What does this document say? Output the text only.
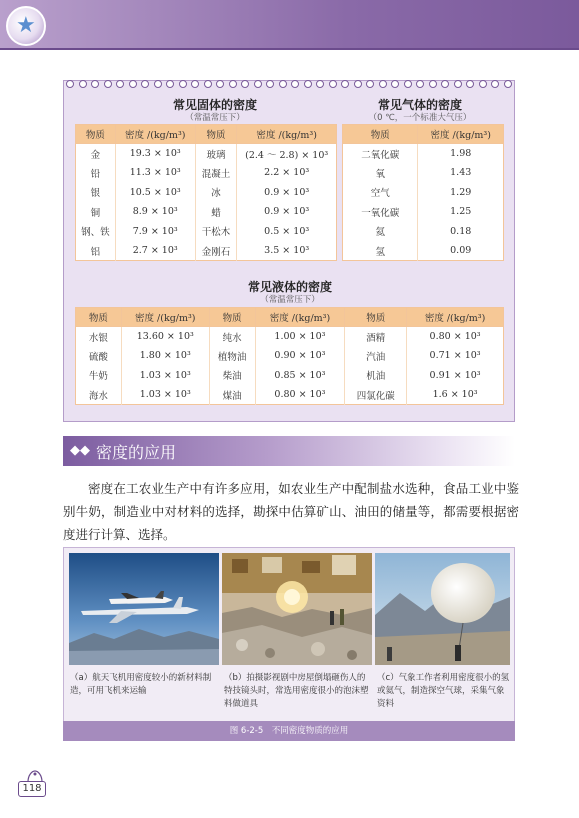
★
常见固体的密度
（常温常压下）
常见气体的密度
（0 ℃，一个标准大气压）
物质	密度 /(kg/m³)	物质	密度 /(kg/m³)
金	19.3 × 10³	玻璃	(2.4 ～ 2.8) × 10³
铅	11.3 × 10³	混凝土	2.2 × 10³
银	10.5 × 10³	冰	0.9 × 10³
铜	8.9 × 10³	蜡	0.9 × 10³
钢、铁	7.9 × 10³	干松木	0.5 × 10³
铝	2.7 × 10³	金刚石	3.5 × 10³
物质	密度 /(kg/m³)
二氧化碳	1.98
氧	1.43
空气	1.29
一氧化碳	1.25
氦	0.18
氢	0.09
常见液体的密度
（常温常压下）
物质	密度 /(kg/m³)	物质	密度 /(kg/m³)	物质	密度 /(kg/m³)
水银	13.60 × 10³	纯水	1.00 × 10³	酒精	0.80 × 10³
硫酸	1.80 × 10³	植物油	0.90 × 10³	汽油	0.71 × 10³
牛奶	1.03 × 10³	柴油	0.85 × 10³	机油	0.91 × 10³
海水	1.03 × 10³	煤油	0.80 × 10³	四氯化碳	1.6 × 10³
◆◆ 密度的应用

密度在工农业生产中有许多应用，如农业生产中配制盐水选种，食品工业中鉴别牛奶，制造业中对材料的选择，勘探中估算矿山、油田的储量等，都需要根据密度进行计算、选择。

（a）航天飞机用密度较小的新材料制造，可用飞机来运输
（b）拍摄影视剧中房屋倒塌砸伤人的特技镜头时，常选用密度很小的泡沫塑料做道具
（c）气象工作者利用密度很小的氢或氦气，制造探空气球，采集气象资料
图 6-2-5　不同密度物质的应用
118
